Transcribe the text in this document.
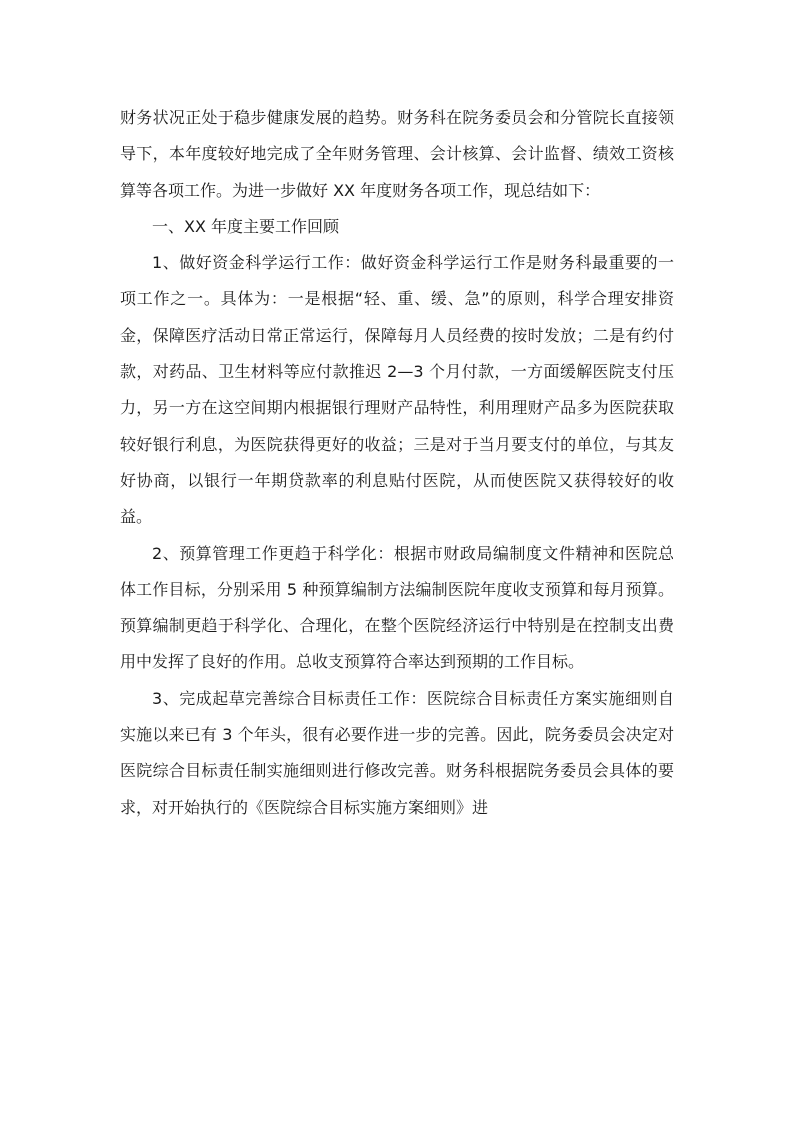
财务状况正处于稳步健康发展的趋势。财务科在院务委员会和分管院长直接领导下，本年度较好地完成了全年财务管理、会计核算、会计监督、绩效工资核算等各项工作。为进一步做好 XX 年度财务各项工作，现总结如下：

一、XX 年度主要工作回顾

1、做好资金科学运行工作：做好资金科学运行工作是财务科最重要的一项工作之一。具体为：一是根据“轻、重、缓、急”的原则，科学合理安排资金，保障医疗活动日常正常运行，保障每月人员经费的按时发放；二是有约付款，对药品、卫生材料等应付款推迟 2—3 个月付款，一方面缓解医院支付压力，另一方在这空间期内根据银行理财产品特性，利用理财产品多为医院获取较好银行利息，为医院获得更好的收益；三是对于当月要支付的单位，与其友好协商，以银行一年期贷款率的利息贴付医院，从而使医院又获得较好的收益。

2、预算管理工作更趋于科学化：根据市财政局编制度文件精神和医院总体工作目标，分别采用 5 种预算编制方法编制医院年度收支预算和每月预算。预算编制更趋于科学化、合理化，在整个医院经济运行中特别是在控制支出费用中发挥了良好的作用。总收支预算符合率达到预期的工作目标。

3、完成起草完善综合目标责任工作：医院综合目标责任方案实施细则自实施以来已有 3 个年头，很有必要作进一步的完善。因此，院务委员会决定对医院综合目标责任制实施细则进行修改完善。财务科根据院务委员会具体的要求，对开始执行的《医院综合目标实施方案细则》进
